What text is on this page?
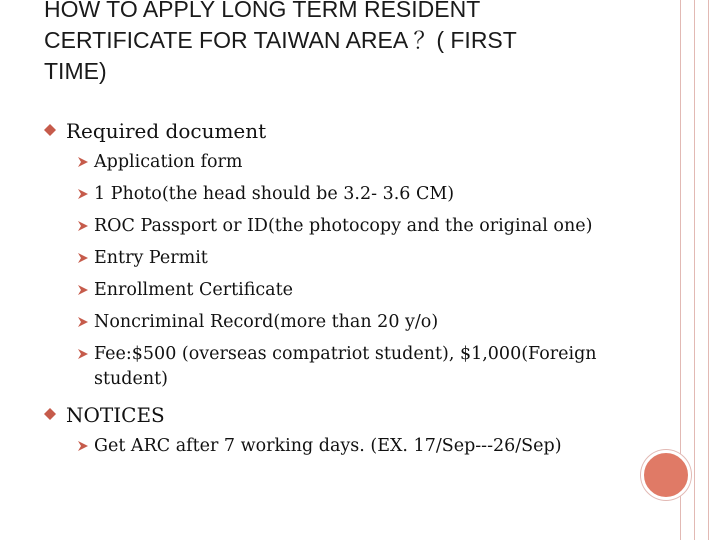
HOW TO APPLY LONG TERM RESIDENT
CERTIFICATE FOR TAIWAN AREA ？( FIRST
TIME)
Required document
Application form
1 Photo(the head should be 3.2- 3.6 CM)
ROC Passport or ID(the photocopy and the original one)
Entry Permit
Enrollment Certificate
Noncriminal Record(more than 20 y/o)
Fee:$500 (overseas compatriot student), $1,000(Foreign student)
NOTICES
Get ARC after 7 working days. (EX. 17/Sep---26/Sep)
